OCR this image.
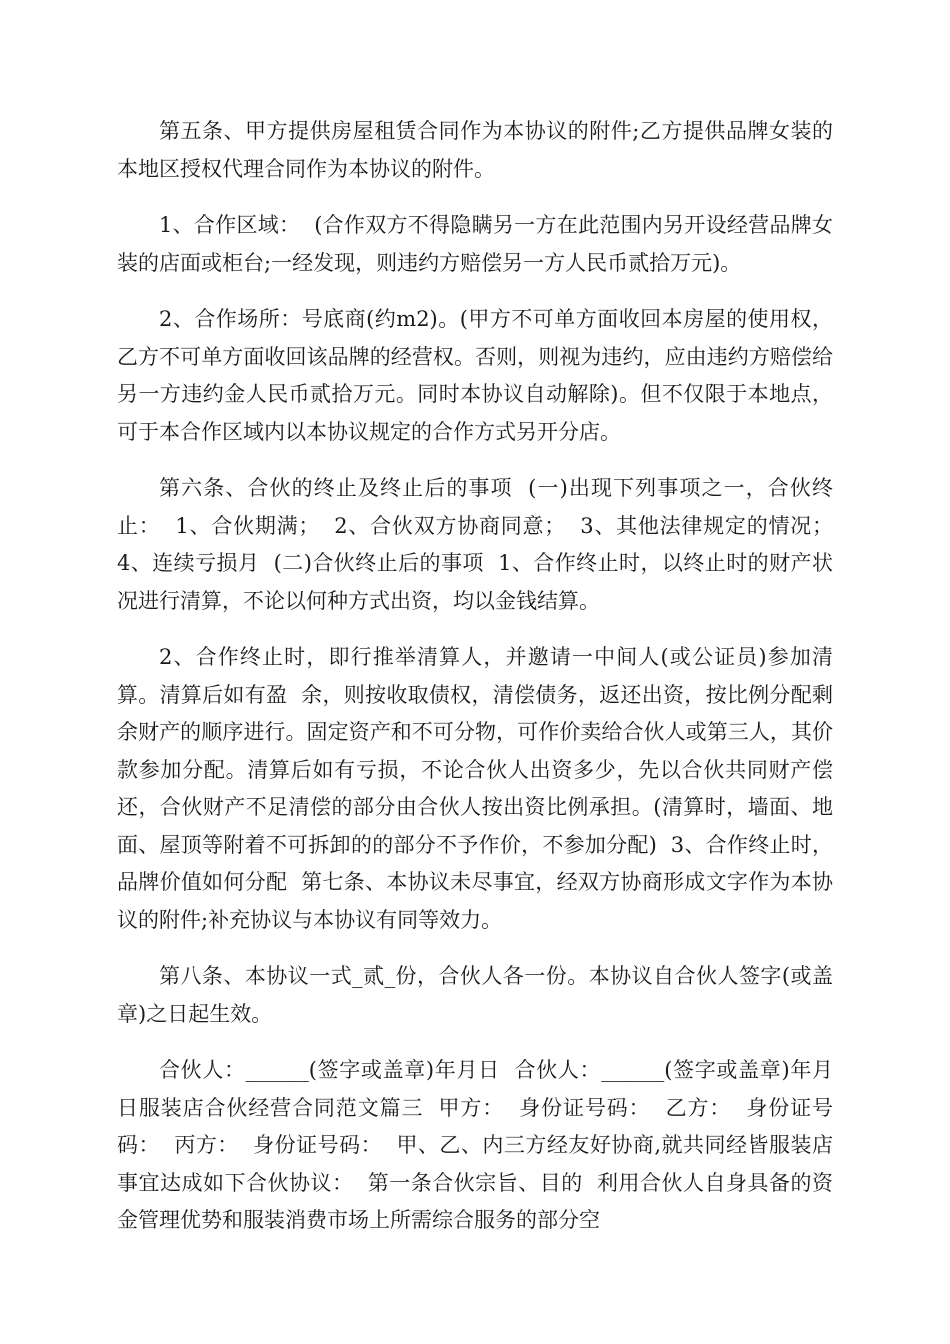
第五条、甲方提供房屋租赁合同作为本协议的附件;乙方提供品牌女装的本地区授权代理合同作为本协议的附件。

1、合作区域：  (合作双方不得隐瞒另一方在此范围内另开设经营品牌女装的店面或柜台;一经发现，则违约方赔偿另一方人民币贰拾万元)。

2、合作场所：号底商(约m2)。(甲方不可单方面收回本房屋的使用权，乙方不可单方面收回该品牌的经营权。否则，则视为违约，应由违约方赔偿给另一方违约金人民币贰拾万元。同时本协议自动解除)。但不仅限于本地点，可于本合作区域内以本协议规定的合作方式另开分店。

第六条、合伙的终止及终止后的事项  (一)出现下列事项之一，合伙终止：  1、合伙期满；  2、合伙双方协商同意；  3、其他法律规定的情况；  4、连续亏损月  (二)合伙终止后的事项  1、合作终止时，以终止时的财产状况进行清算，不论以何种方式出资，均以金钱结算。

2、合作终止时，即行推举清算人，并邀请一中间人(或公证员)参加清算。清算后如有盈  余，则按收取债权，清偿债务，返还出资，按比例分配剩余财产的顺序进行。固定资产和不可分物，可作价卖给合伙人或第三人，其价款参加分配。清算后如有亏损，不论合伙人出资多少，先以合伙共同财产偿还，合伙财产不足清偿的部分由合伙人按出资比例承担。(清算时，墙面、地面、屋顶等附着不可拆卸的的部分不予作价，不参加分配)  3、合作终止时，品牌价值如何分配  第七条、本协议未尽事宜，经双方协商形成文字作为本协议的附件;补充协议与本协议有同等效力。

第八条、本协议一式_贰_份，合伙人各一份。本协议自合伙人签字(或盖章)之日起生效。

合伙人：______(签字或盖章)年月日  合伙人：______(签字或盖章)年月日服装店合伙经营合同范文篇三  甲方：  身份证号码：  乙方：  身份证号码：  丙方：  身份证号码：  甲、乙、内三方经友好协商,就共同经皆服装店事宜达成如下合伙协议：  第一条合伙宗旨、目的  利用合伙人自身具备的资金管理优势和服装消费市场上所需综合服务的部分空
